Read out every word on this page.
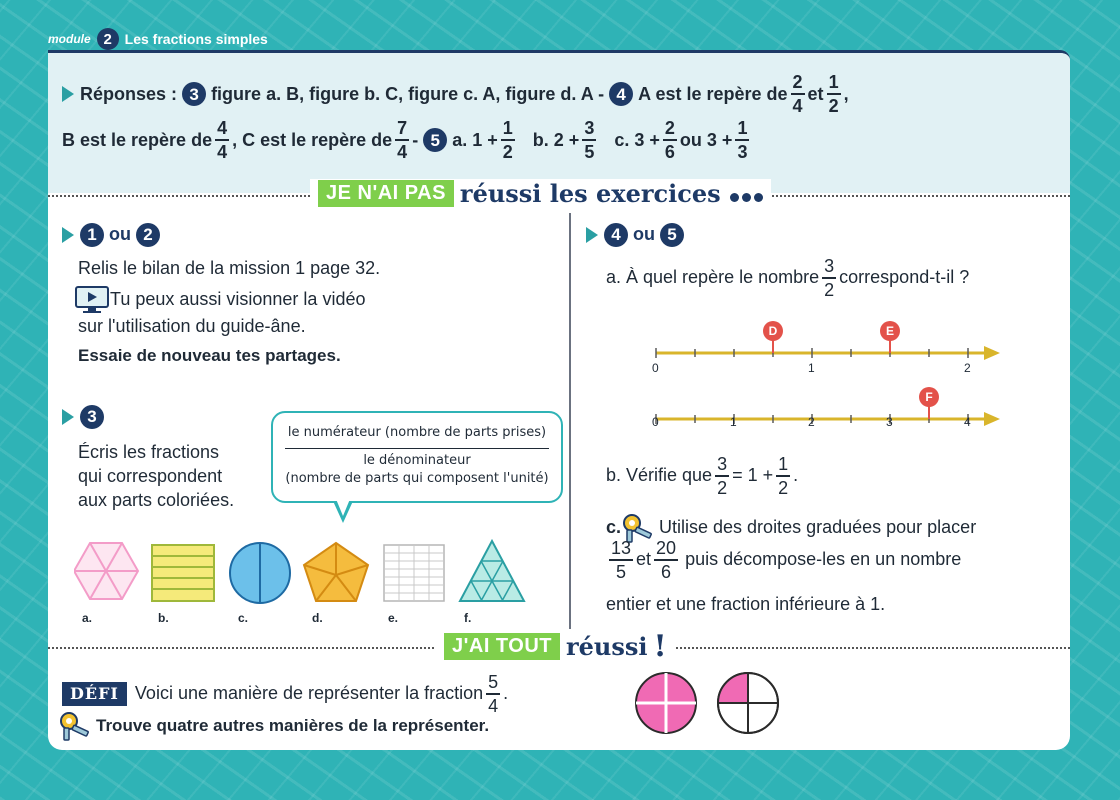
module 2 Les fractions simples
Réponses :
3
figure a. B, figure b. C, figure c. A, figure d. A -
4
A est le repère de $\frac{2}{4}$ et $\frac{1}{2}$ ,
B est le repère de $\frac{4}{4}$ , C est le repère de $\frac{7}{4}$ -
5
a. $1 + \frac{1}{2}$
b. $2 + \frac{3}{5}$
c. $3 + \frac{2}{6}$ ou $3 + \frac{1}{3}$
JE N'AI PAS réussi les exercices
1 ou 2
Relis le bilan de la mission 1 page 32.
Tu peux aussi visionner la vidéo
sur l'utilisation du guide-âne.
Essaie de nouveau tes partages.
3
Écris les fractions
qui correspondent
aux parts coloriées.
le numérateur (nombre de parts prises)
le dénominateur
(nombre de parts qui composent l'unité)
a.	b.	c.	d.	e.	f.
4 ou 5
a. À quel repère le nombre $\frac{3}{2}$ correspond-t-il ?
D	E
F
0	1	2
0	1	2	3	4
b. Vérifie que $\frac{3}{2} = 1 + \frac{1}{2}$ .
c. Utilise des droites graduées pour placer
$\frac{13}{5}$ et $\frac{20}{6}$ puis décompose-les en un nombre
entier et une fraction inférieure à 1.
J'AI TOUT réussi !
DÉFI Voici une manière de représenter la fraction $\frac{5}{4}$ .
Trouve quatre autres manières de la représenter.
